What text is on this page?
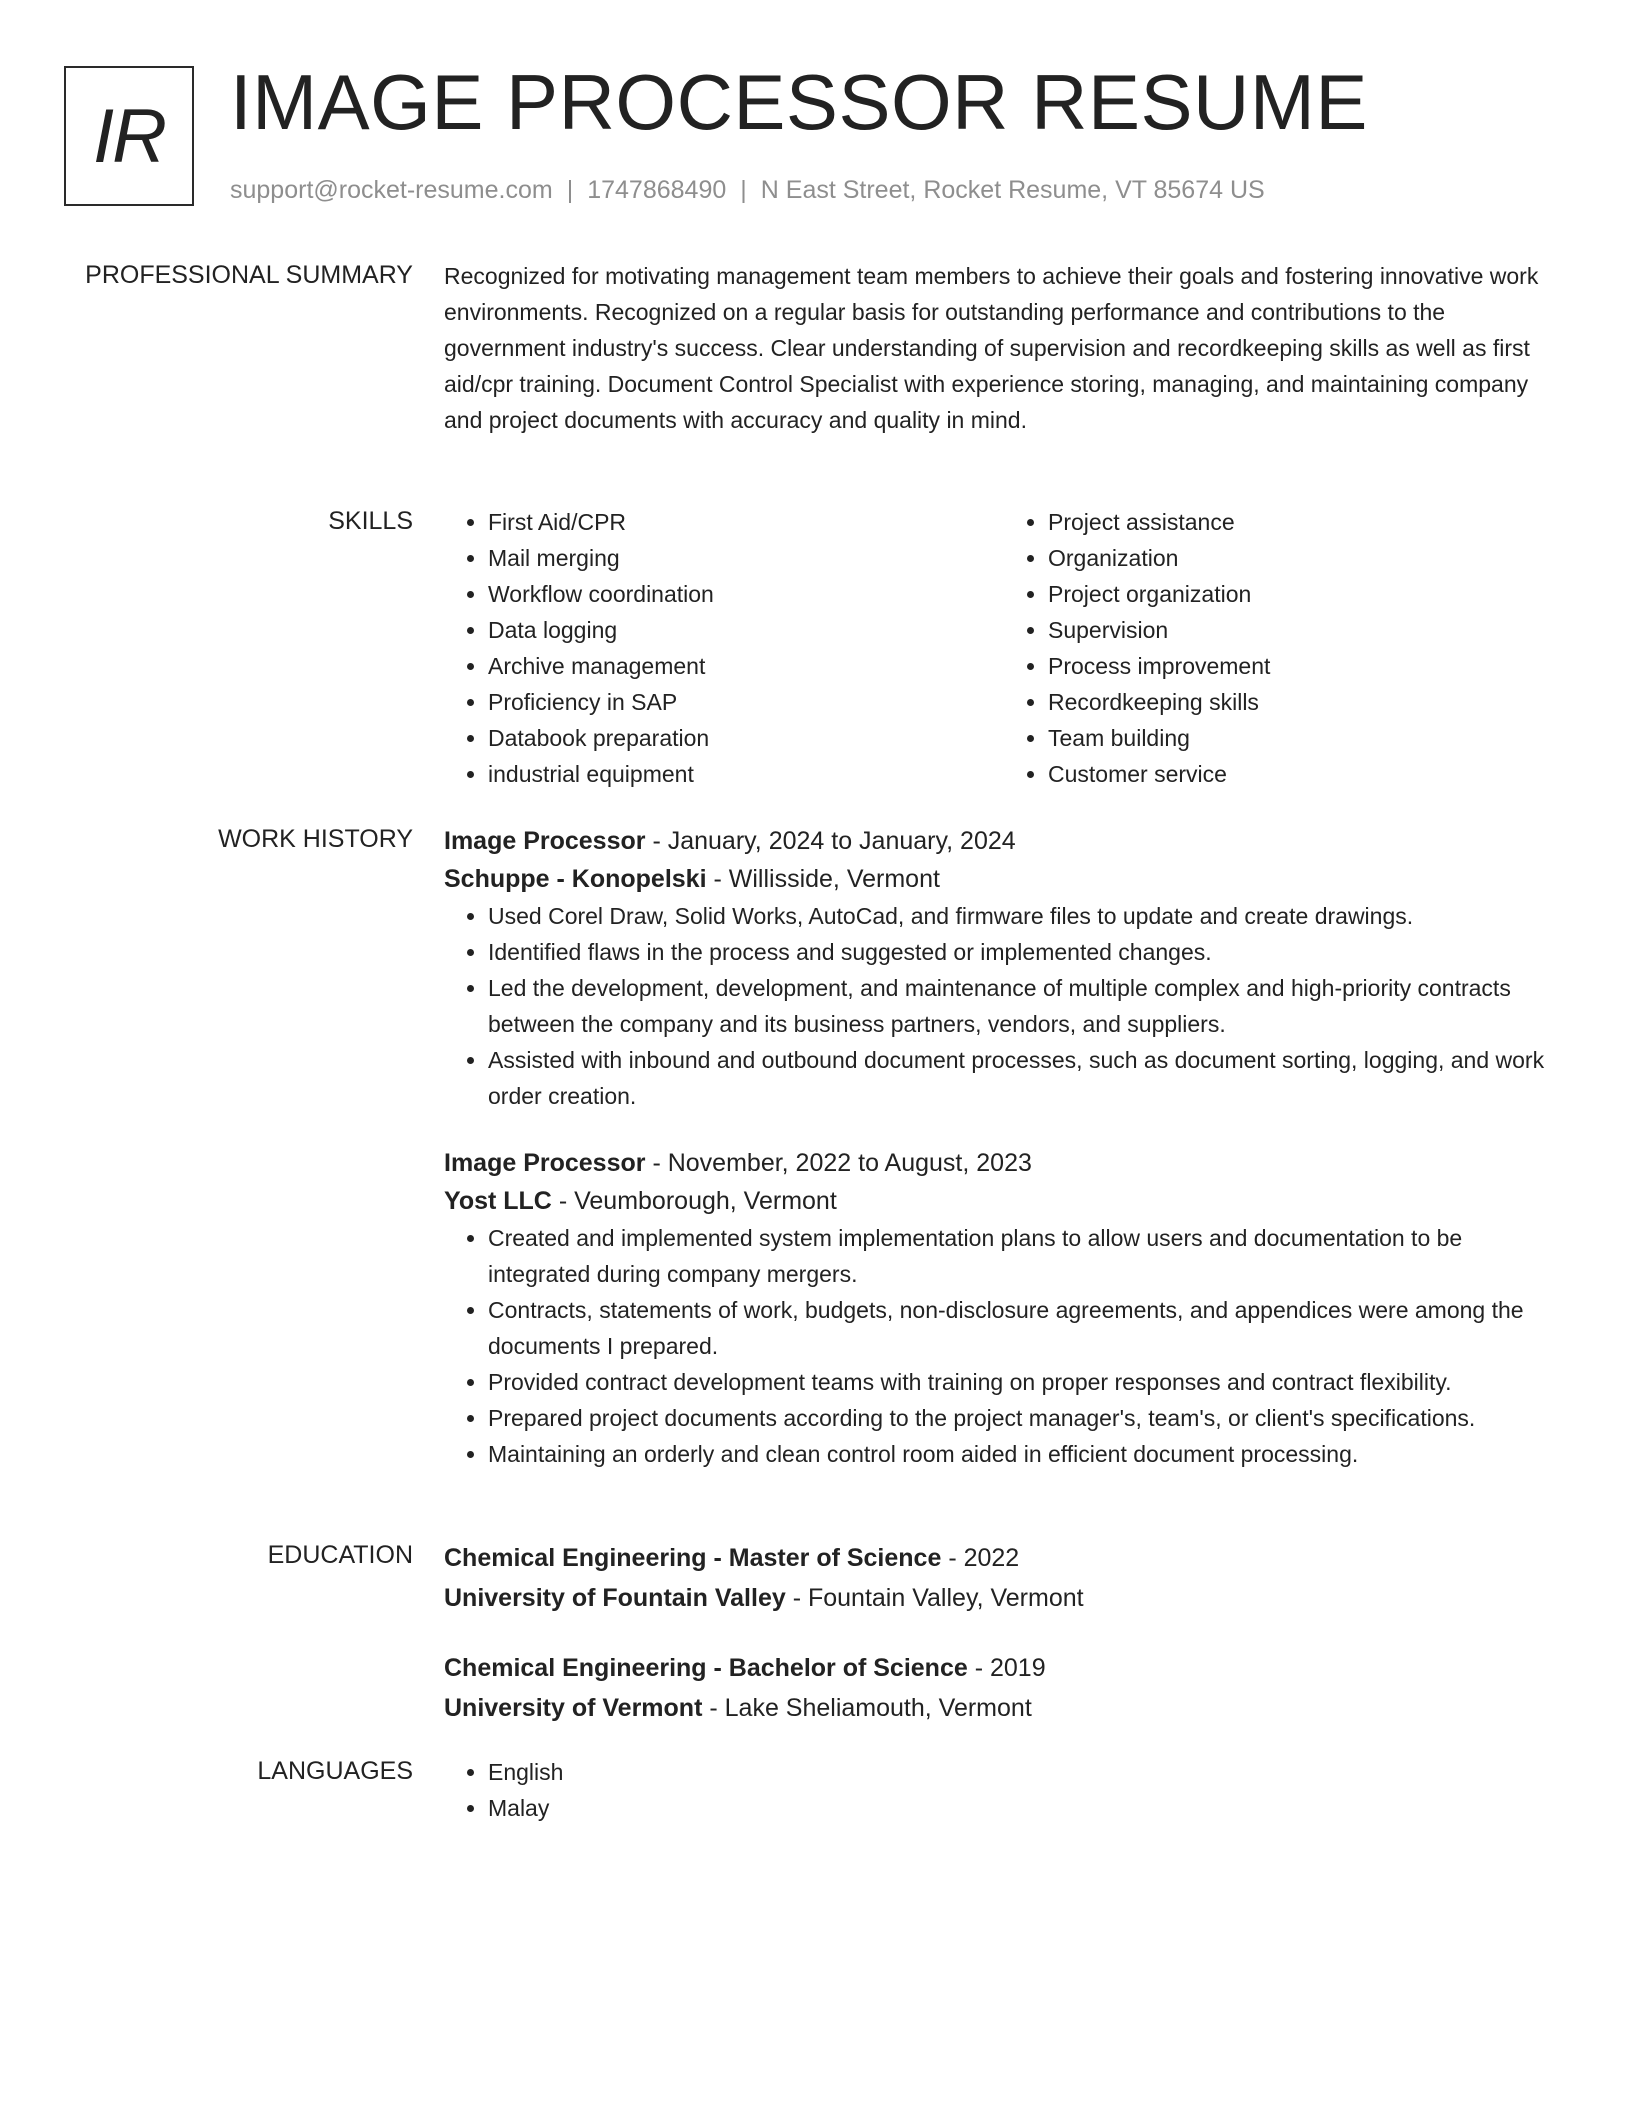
IR IMAGE PROCESSOR RESUME
support@rocket-resume.com | 1747868490 | N East Street, Rocket Resume, VT 85674 US
PROFESSIONAL SUMMARY Recognized for motivating management team members to achieve their goals and fostering innovative work environments. Recognized on a regular basis for outstanding performance and contributions to the government industry's success. Clear understanding of supervision and recordkeeping skills as well as first aid/cpr training. Document Control Specialist with experience storing, managing, and maintaining company and project documents with accuracy and quality in mind.

SKILLS	• First Aid/CPR
• Mail merging
• Workflow coordination
• Data logging
• Archive management
• Proficiency in SAP
• Databook preparation
• industrial equipment
• Project assistance
• Organization
• Project organization
• Supervision
• Process improvement
• Recordkeeping skills
• Team building
• Customer service
WORK HISTORY Image Processor - January, 2024 to January, 2024

Schuppe - Konopelski - Willisside, Vermont

• Used Corel Draw, Solid Works, AutoCad, and firmware files to update and create drawings.
• Identified flaws in the process and suggested or implemented changes.
• Led the development, development, and maintenance of multiple complex and high-priority contracts between the company and its business partners, vendors, and suppliers.
• Assisted with inbound and outbound document processes, such as document sorting, logging, and work order creation.

Image Processor - November, 2022 to August, 2023

Yost LLC - Veumborough, Vermont

• Created and implemented system implementation plans to allow users and documentation to be integrated during company mergers.
• Contracts, statements of work, budgets, non-disclosure agreements, and appendices were among the documents I prepared.
• Provided contract development teams with training on proper responses and contract flexibility.
• Prepared project documents according to the project manager's, team's, or client's specifications.
• Maintaining an orderly and clean control room aided in efficient document processing.
EDUCATION Chemical Engineering - Master of Science - 2022

University of Fountain Valley - Fountain Valley, Vermont

Chemical Engineering - Bachelor of Science - 2019

University of Vermont - Lake Sheliamouth, Vermont

LANGUAGES	• English
• Malay
